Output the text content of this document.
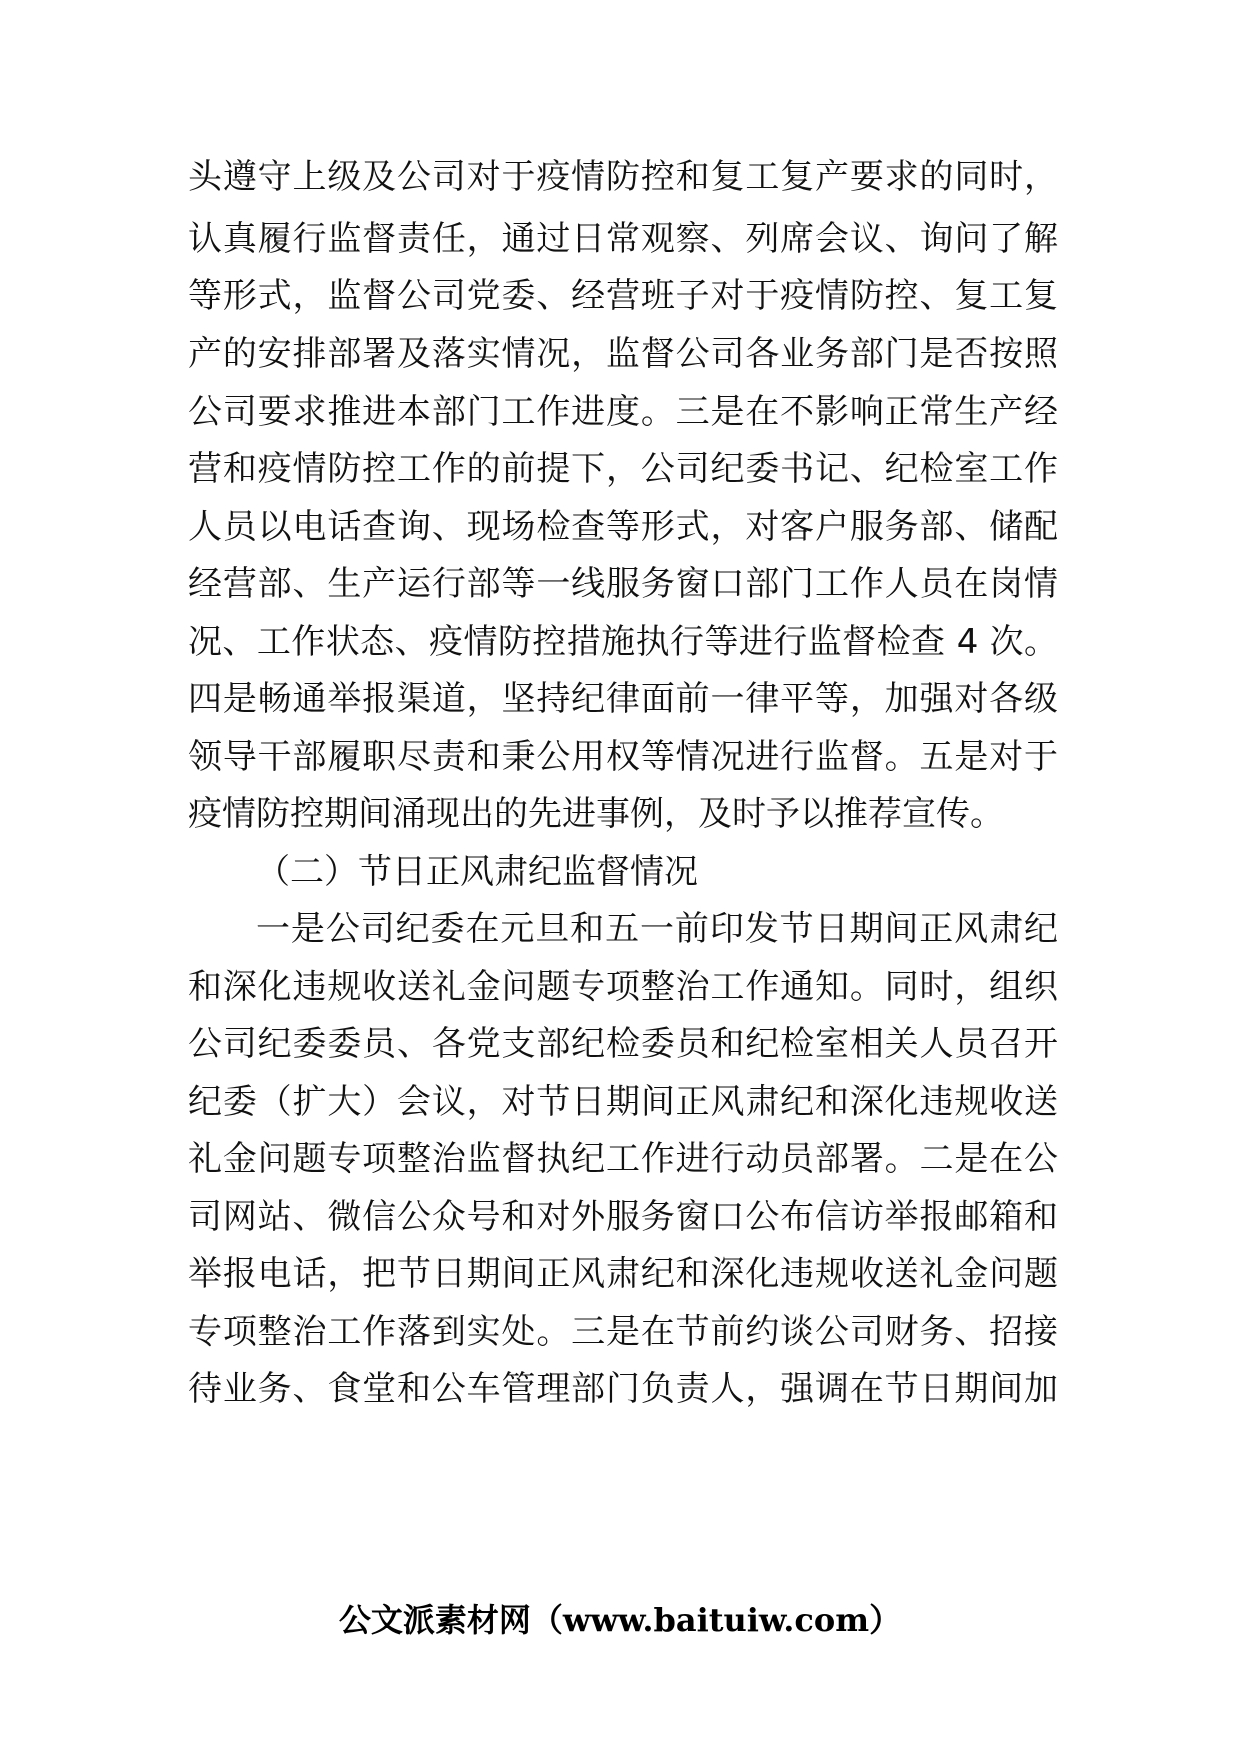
头遵守上级及公司对于疫情防控和复工复产要求的同时，
认真履行监督责任，通过日常观察、列席会议、询问了解
等形式，监督公司党委、经营班子对于疫情防控、复工复
产的安排部署及落实情况，监督公司各业务部门是否按照
公司要求推进本部门工作进度。三是在不影响正常生产经
营和疫情防控工作的前提下，公司纪委书记、纪检室工作
人员以电话查询、现场检查等形式，对客户服务部、储配
经营部、生产运行部等一线服务窗口部门工作人员在岗情
况、工作状态、疫情防控措施执行等进行监督检查 4 次。
四是畅通举报渠道，坚持纪律面前一律平等，加强对各级
领导干部履职尽责和秉公用权等情况进行监督。五是对于
疫情防控期间涌现出的先进事例，及时予以推荐宣传。
（二）节日正风肃纪监督情况
一是公司纪委在元旦和五一前印发节日期间正风肃纪
和深化违规收送礼金问题专项整治工作通知。同时，组织
公司纪委委员、各党支部纪检委员和纪检室相关人员召开
纪委（扩大）会议，对节日期间正风肃纪和深化违规收送
礼金问题专项整治监督执纪工作进行动员部署。二是在公
司网站、微信公众号和对外服务窗口公布信访举报邮箱和
举报电话，把节日期间正风肃纪和深化违规收送礼金问题
专项整治工作落到实处。三是在节前约谈公司财务、招接
待业务、食堂和公车管理部门负责人，强调在节日期间加
公文派素材网（www.baituiw.com）
